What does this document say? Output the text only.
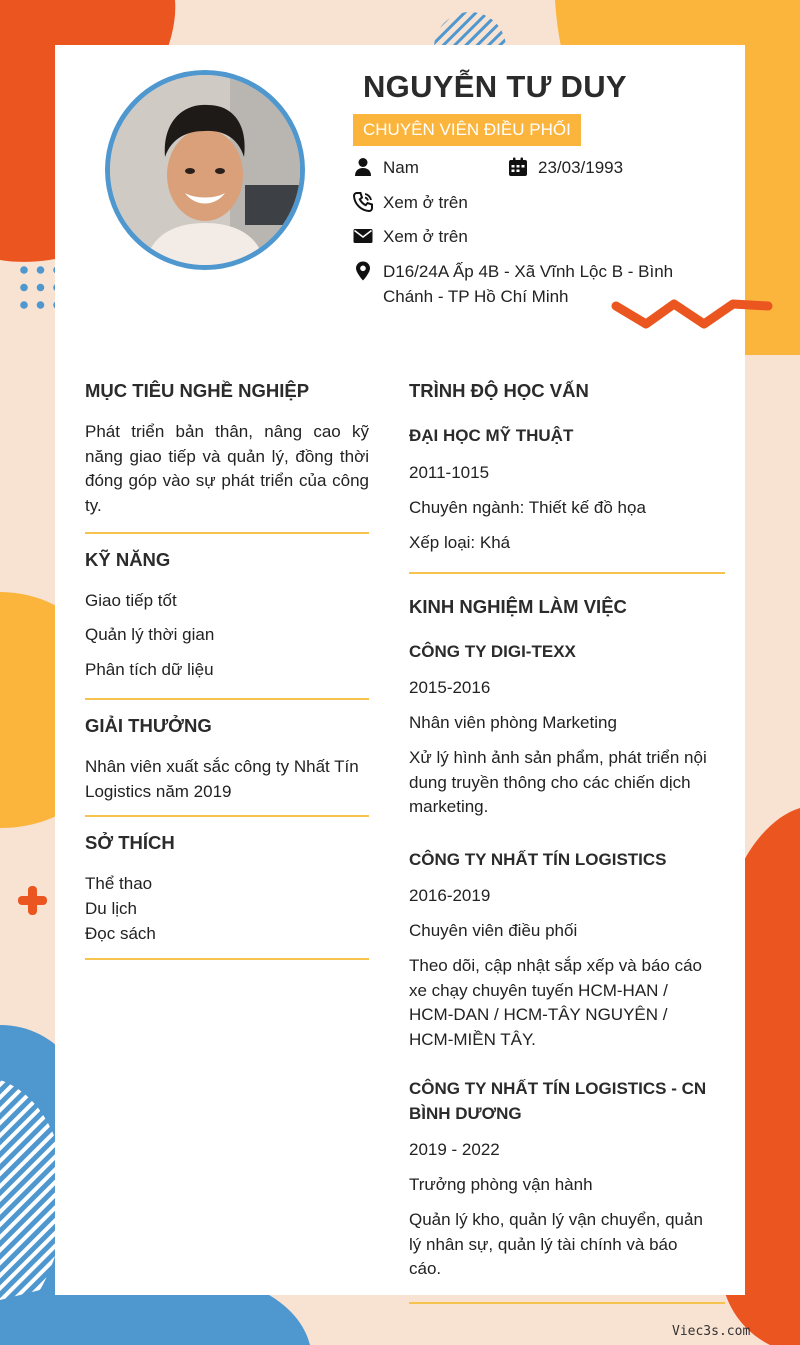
NGUYỄN TƯ DUY
CHUYÊN VIÊN ĐIỀU PHỐI
Nam	23/03/1993
Xem ở trên
Xem ở trên
D16/24A Ấp 4B - Xã Vĩnh Lộc B - Bình Chánh - TP Hồ Chí Minh
MỤC TIÊU NGHỀ NGHIỆP

Phát triển bản thân, nâng cao kỹ năng giao tiếp và quản lý, đồng thời đóng góp vào sự phát triển của công ty.

KỸ NĂNG
Giao tiếp tốt
Quản lý thời gian
Phân tích dữ liệu
GIẢI THƯỞNG

Nhân viên xuất sắc công ty Nhất Tín Logistics năm 2019

SỞ THÍCH
Thể thao
Du lịch
Đọc sách
TRÌNH ĐỘ HỌC VẤN
ĐẠI HỌC MỸ THUẬT
2011-1015
Chuyên ngành: Thiết kế đồ họa
Xếp loại: Khá
KINH NGHIỆM LÀM VIỆC
CÔNG TY DIGI-TEXX
2015-2016
Nhân viên phòng Marketing

Xử lý hình ảnh sản phẩm, phát triển nội dung truyền thông cho các chiến dịch marketing.

CÔNG TY NHẤT TÍN LOGISTICS
2016-2019
Chuyên viên điều phối

Theo dõi, cập nhật sắp xếp và báo cáo xe chạy chuyên tuyến HCM-HAN / HCM-DAN / HCM-TÂY NGUYÊN / HCM-MIỀN TÂY.

CÔNG TY NHẤT TÍN LOGISTICS - CN BÌNH DƯƠNG
2019 - 2022
Trưởng phòng vận hành

Quản lý kho, quản lý vận chuyển, quản lý nhân sự, quản lý tài chính và báo cáo.

Viec3s.com
